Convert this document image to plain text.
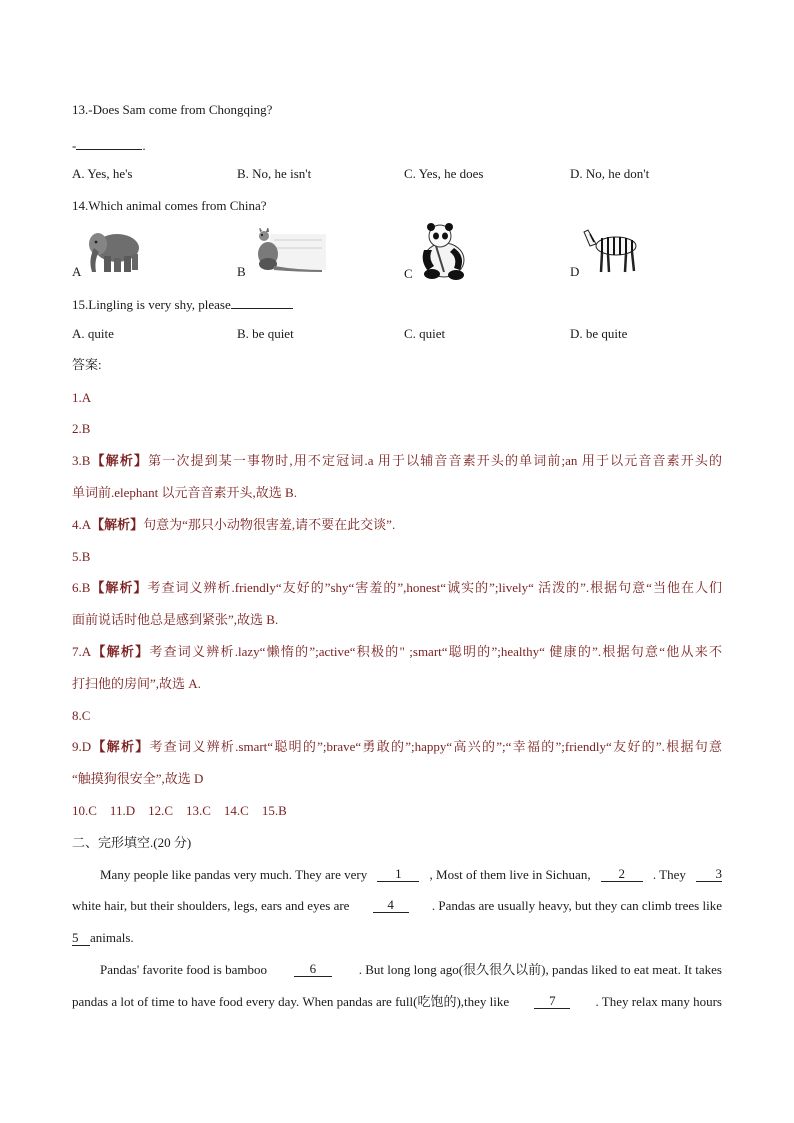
13.-Does Sam come from Chongqing?
-	.
A. Yes, he's	B. No, he isn't	C. Yes, he does	D. No, he don't
14.Which animal comes from China?
A	B	C	D
15.Lingling is very shy, please
A. quite	B. be quiet	C. quiet	D. be quite
答案:
1.A
2.B
3.B【解析】第一次提到某一事物时,用不定冠词.a 用于以辅音音素开头的单词前;an 用于以元音音素开头的
单词前.elephant 以元音音素开头,故选 B.
4.A【解析】句意为“那只小动物很害羞,请不要在此交谈”.
5.B
6.B【解析】考查词义辨析.friendly“友好的”shy“害羞的”,honest“诚实的”;lively“ 活泼的”.根据句意“当他在人们
面前说话时他总是感到紧张”,故选 B.
7.A【解析】考查词义辨析.lazy“懒惰的”;active“积极的" ;smart“聪明的”;healthy“ 健康的”.根据句意“他从来不
打扫他的房间”,故选 A.
8.C
9.D【解析】考查词义辨析.smart“聪明的”;brave“勇敢的”;happy“高兴的”;“幸福的”;friendly“友好的”.根据句意
“触摸狗很安全”,故选 D
10.C    11.D    12.C    13.C    14.C    15.B
二、完形填空.(20 分)
Many people like pandas very much. They are very	1	, Most of them live in Sichuan,	2	. They	3
white hair, but their shoulders, legs, ears and eyes are	4	. Pandas are usually heavy, but they can climb trees like
5 animals.
Pandas' favorite food is bamboo	6	. But long long ago(很久很久以前), pandas liked to eat meat. It takes
pandas a lot of time to have food every day. When pandas are full(吃饱的),they like	7	. They relax many hours
